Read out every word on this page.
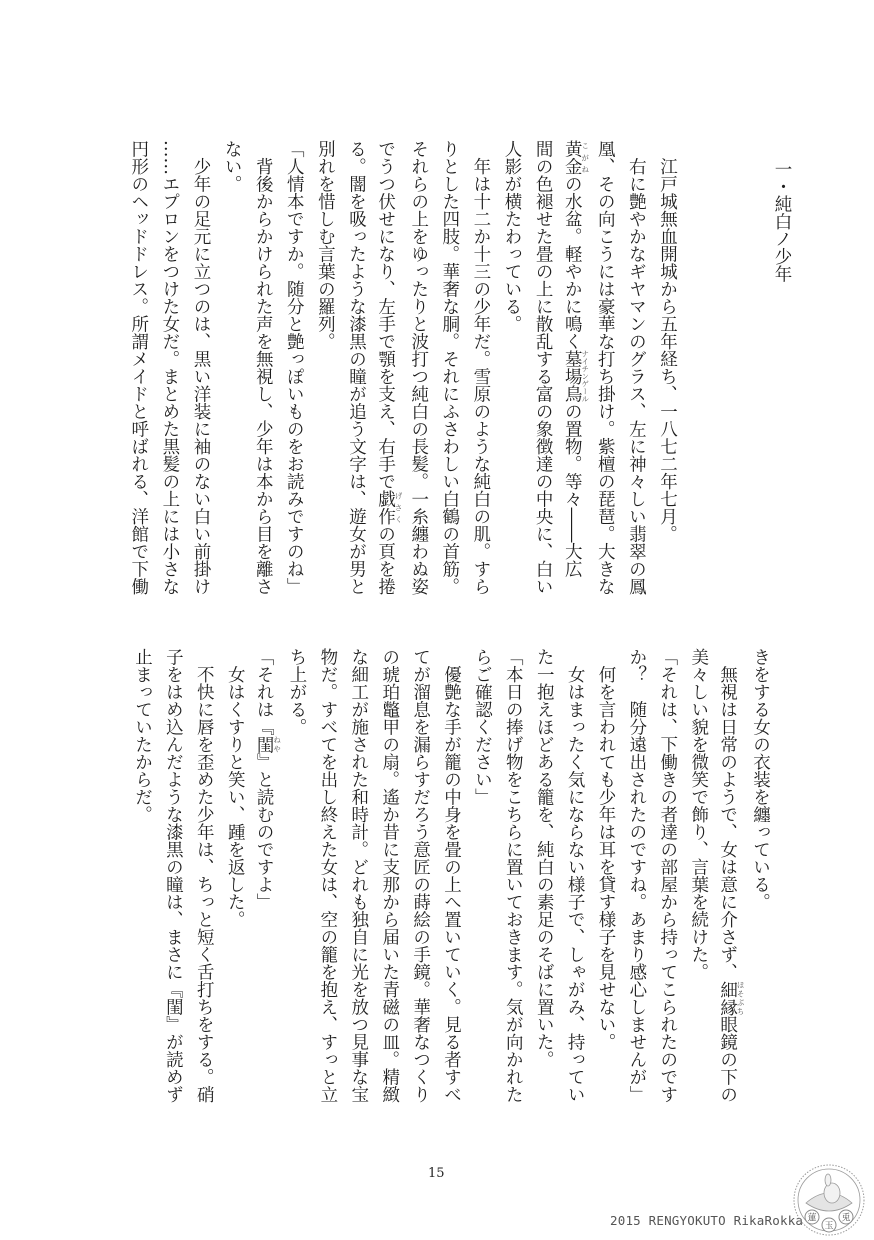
一・純白ノ少年
　江戸城無血開城から五年経ち、一八七二年七月。
　右に艶やかなギヤマンのグラス、左に神々しい翡翠の鳳
凰、その向こうには豪華な打ち掛け。紫檀の琵琶。大きな
黄金こがねの水盆。軽やかに鳴く墓場鳥ナイチンゲールの置物。等々――大広
間の色褪せた畳の上に散乱する富の象徴達の中央に、白い
人影が横たわっている。
　年は十二か十三の少年だ。雪原のような純白の肌。すら
りとした四肢。華奢な胴。それにふさわしい白鶴の首筋。
それらの上をゆったりと波打つ純白の長髪。一糸纏わぬ姿
でうつ伏せになり、左手で顎を支え、右手で戯作げさくの頁を捲
る。闇を吸ったような漆黒の瞳が追う文字は、遊女が男と
別れを惜しむ言葉の羅列。
「人情本ですか。随分と艶っぽいものをお読みですのね」
　背後からかけられた声を無視し、少年は本から目を離さ
ない。
　少年の足元に立つのは、黒い洋装に袖のない白い前掛け
……エプロンをつけた女だ。まとめた黒髪の上には小さな
円形のヘッドドレス。所謂メイドと呼ばれる、洋館で下働
きをする女の衣装を纏っている。
　無視は日常のようで、女は意に介さず、細縁ほそぶち眼鏡の下の
美々しい貌を微笑で飾り、言葉を続けた。
「それは、下働きの者達の部屋から持ってこられたのです
か？　随分遠出されたのですね。あまり感心しませんが」
　何を言われても少年は耳を貸す様子を見せない。
　女はまったく気にならない様子で、しゃがみ、持ってい
た一抱えほどある籠を、純白の素足のそばに置いた。
「本日の捧げ物をこちらに置いておきます。気が向かれた
らご確認ください」
　優艶な手が籠の中身を畳の上へ置いていく。見る者すべ
てが溜息を漏らすだろう意匠の蒔絵の手鏡。華奢なつくり
の琥珀鼈甲の扇。遙か昔に支那から届いた青磁の皿。精緻
な細工が施された和時計。どれも独自に光を放つ見事な宝
物だ。すべてを出し終えた女は、空の籠を抱え、すっと立
ち上がる。
「それは『閨ねや』と読むのですよ」
　女はくすりと笑い、踵を返した。
　不快に唇を歪めた少年は、ちっと短く舌打ちをする。硝
子をはめ込んだような漆黒の瞳は、まさに『閨』が読めず
止まっていたからだ。
15
2015 RENGYOKUTO RikaRokka 蓮
玉
兎
